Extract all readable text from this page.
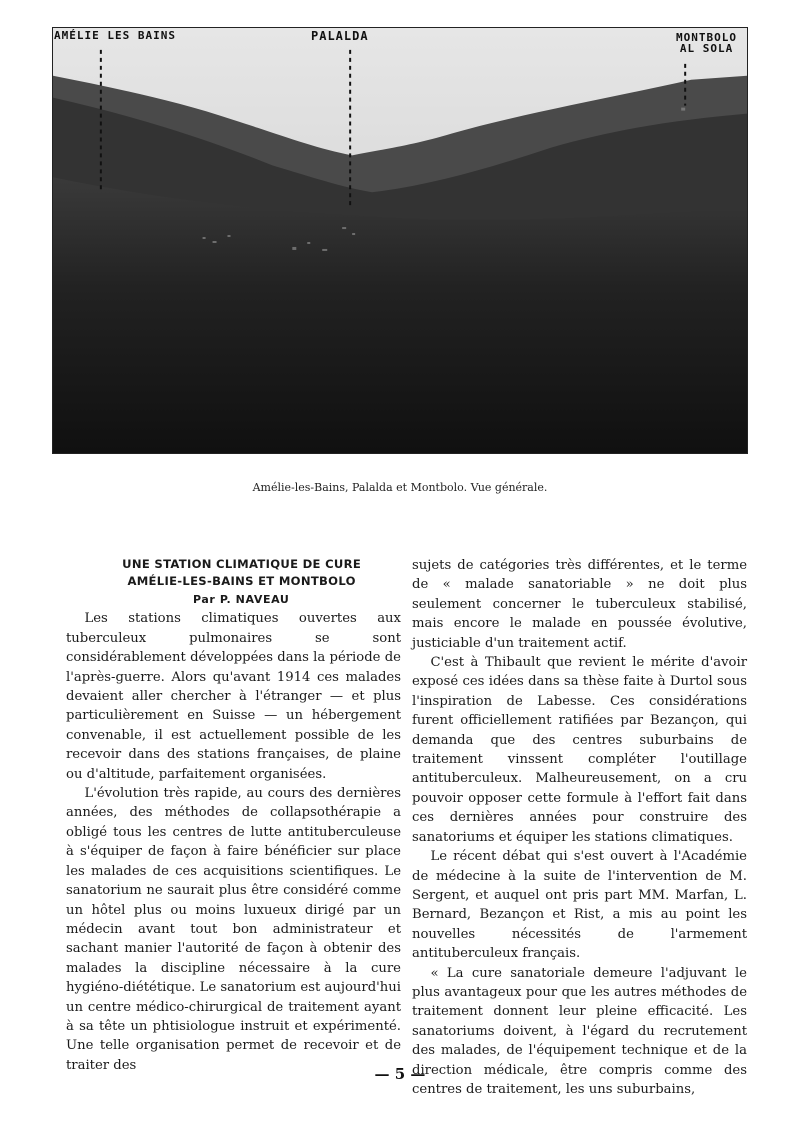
AMÉLIE LES BAINS	PALALDA	MONTBOLO
AL SOLA
Amélie-les-Bains, Palalda et Montbolo. Vue générale.

UNE STATION CLIMATIQUE DE CURE

AMÉLIE-LES-BAINS ET MONTBOLO

Par P. NAVEAU

Les stations climatiques ouvertes aux tuberculeux pulmonaires se sont considérablement développées dans la période de l'après-guerre. Alors qu'avant 1914 ces malades devaient aller chercher à l'étranger — et plus particulièrement en Suisse — un hébergement convenable, il est actuellement possible de les recevoir dans des stations françaises, de plaine ou d'altitude, parfaitement organisées.

L'évolution très rapide, au cours des dernières années, des méthodes de collapsothérapie a obligé tous les centres de lutte antituberculeuse à s'équiper de façon à faire bénéficier sur place les malades de ces acquisitions scientifiques. Le sanatorium ne saurait plus être considéré comme un hôtel plus ou moins luxueux dirigé par un médecin avant tout bon administrateur et sachant manier l'autorité de façon à obtenir des malades la discipline nécessaire à la cure hygiéno-diététique. Le sanatorium est aujourd'hui un centre médico-chirurgical de traitement ayant à sa tête un phtisiologue instruit et expérimenté. Une telle organisation permet de recevoir et de traiter des

sujets de catégories très différentes, et le terme de « malade sanatoriable » ne doit plus seulement concerner le tuberculeux stabilisé, mais encore le malade en poussée évolutive, justiciable d'un traitement actif.

C'est à Thibault que revient le mérite d'avoir exposé ces idées dans sa thèse faite à Durtol sous l'inspiration de Labesse. Ces considérations furent officiellement ratifiées par Bezançon, qui demanda que des centres suburbains de traitement vinssent compléter l'outillage antituberculeux. Malheureusement, on a cru pouvoir opposer cette formule à l'effort fait dans ces dernières années pour construire des sanatoriums et équiper les stations climatiques.

Le récent débat qui s'est ouvert à l'Académie de médecine à la suite de l'intervention de M. Sergent, et auquel ont pris part MM. Marfan, L. Bernard, Bezançon et Rist, a mis au point les nouvelles nécessités de l'armement antituberculeux français.

« La cure sanatoriale demeure l'adjuvant le plus avantageux pour que les autres méthodes de traitement donnent leur pleine efficacité. Les sanatoriums doivent, à l'égard du recrutement des malades, de l'équipement technique et de la direction médicale, être compris comme des centres de traitement, les uns suburbains,

— 5 —
